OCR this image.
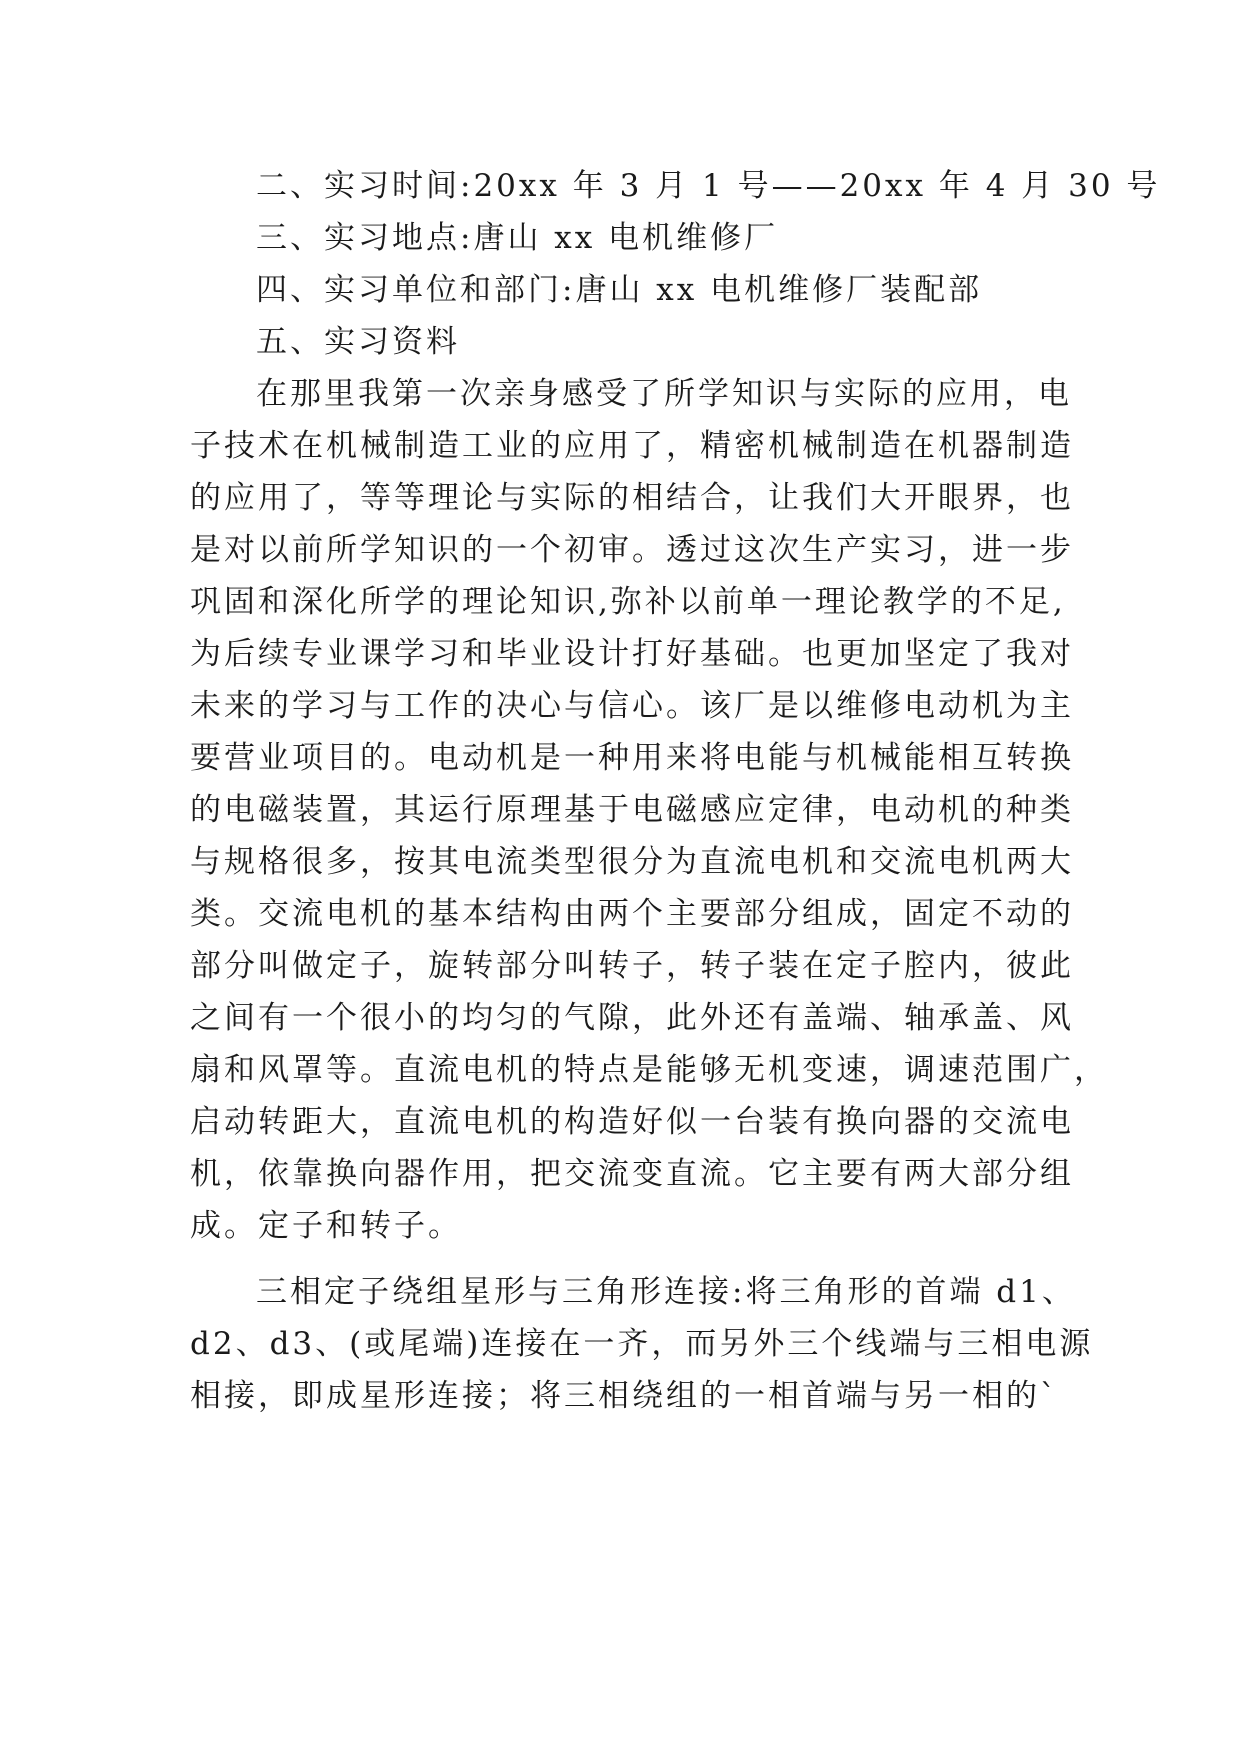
二、实习时间:20xx 年 3 月 1 号——20xx 年 4 月 30 号
三、实习地点:唐山 xx 电机维修厂
四、实习单位和部门:唐山 xx 电机维修厂装配部
五、实习资料
在那里我第一次亲身感受了所学知识与实际的应用，电
子技术在机械制造工业的应用了，精密机械制造在机器制造
的应用了，等等理论与实际的相结合，让我们大开眼界，也
是对以前所学知识的一个初审。透过这次生产实习，进一步
巩固和深化所学的理论知识,弥补以前单一理论教学的不足,
为后续专业课学习和毕业设计打好基础。也更加坚定了我对
未来的学习与工作的决心与信心。该厂是以维修电动机为主
要营业项目的。电动机是一种用来将电能与机械能相互转换
的电磁装置，其运行原理基于电磁感应定律，电动机的种类
与规格很多，按其电流类型很分为直流电机和交流电机两大
类。交流电机的基本结构由两个主要部分组成，固定不动的
部分叫做定子，旋转部分叫转子，转子装在定子腔内，彼此
之间有一个很小的均匀的气隙，此外还有盖端、轴承盖、风
扇和风罩等。直流电机的特点是能够无机变速，调速范围广，
启动转距大，直流电机的构造好似一台装有换向器的交流电
机，依靠换向器作用，把交流变直流。它主要有两大部分组
成。定子和转子。
三相定子绕组星形与三角形连接:将三角形的首端 d1、
d2、d3、(或尾端)连接在一齐，而另外三个线端与三相电源
相接，即成星形连接；将三相绕组的一相首端与另一相的`
